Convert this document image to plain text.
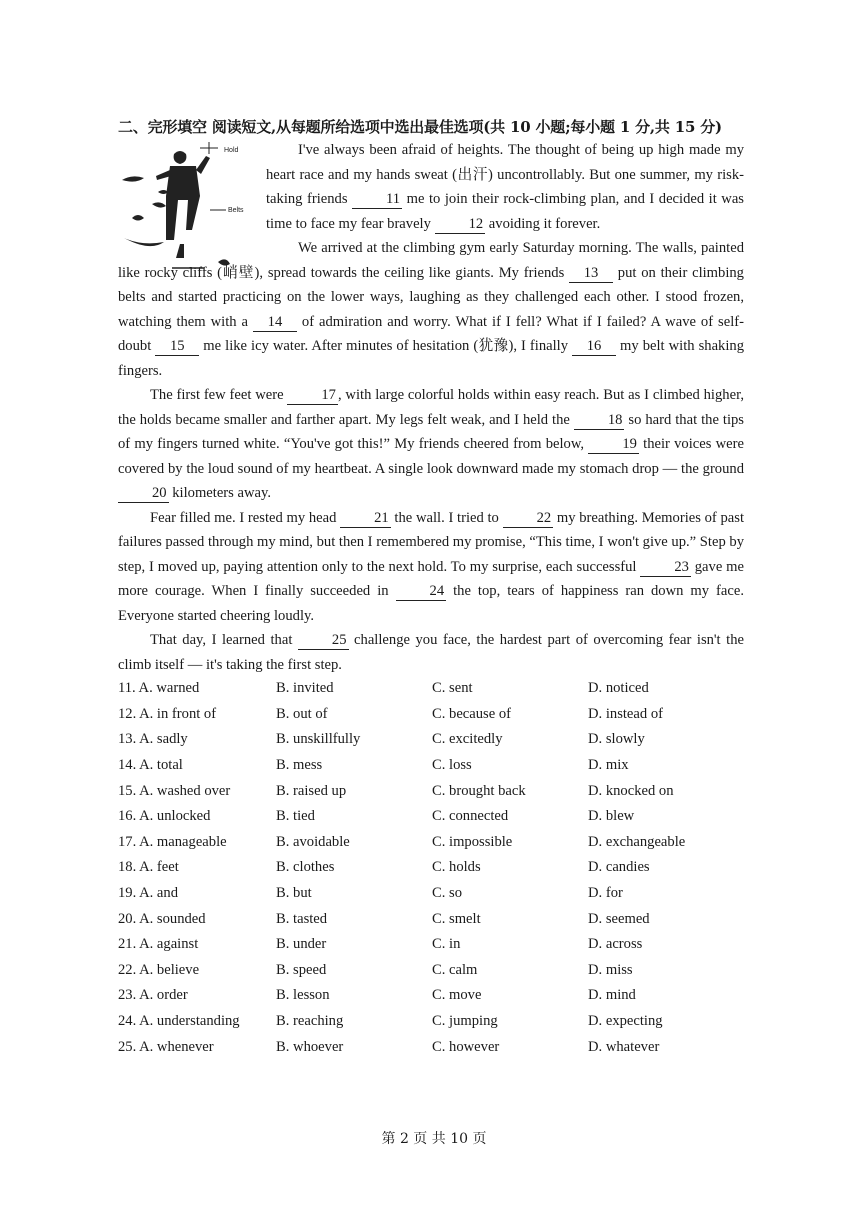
二、完形填空 阅读短文,从每题所给选项中选出最佳选项(共 10 小题;每小题 1 分,共 15 分)
Hold
Belts

I've always been afraid of heights. The thought of being up high made my heart race and my hands sweat (出汗) uncontrollably. But one summer, my risk-taking friends 11 me to join their rock-climbing plan, and I decided it was time to face my fear bravely 12 avoiding it forever.

We arrived at the climbing gym early Saturday morning. The walls, painted like rocky cliffs (峭壁), spread towards the ceiling like giants. My friends 13 put on their climbing belts and started practicing on the lower ways, laughing as they challenged each other. I stood frozen, watching them with a 14 of admiration and worry. What if I fell? What if I failed? A wave of self-doubt 15 me like icy water. After minutes of hesitation (犹豫), I finally 16 my belt with shaking fingers.

The first few feet were 17 , with large colorful holds within easy reach. But as I climbed higher, the holds became smaller and farther apart. My legs felt weak, and I held the 18 so hard that the tips of my fingers turned white. “You've got this!” My friends cheered from below, 19 their voices were covered by the loud sound of my heartbeat. A single look downward made my stomach drop — the ground 20 kilometers away.

Fear filled me. I rested my head 21 the wall. I tried to 22 my breathing. Memories of past failures passed through my mind, but then I remembered my promise, “This time, I won't give up.” Step by step, I moved up, paying attention only to the next hold. To my surprise, each successful 23 gave me more courage. When I finally succeeded in 24 the top, tears of happiness ran down my face. Everyone started cheering loudly.

That day, I learned that 25 challenge you face, the hardest part of overcoming fear isn't the climb itself — it's taking the first step.

11. A. warned	B. invited	C. sent	D. noticed
12. A. in front of	B. out of	C. because of	D. instead of
13. A. sadly	B. unskillfully	C. excitedly	D. slowly
14. A. total	B. mess	C. loss	D. mix
15. A. washed over	B. raised up	C. brought back	D. knocked on
16. A. unlocked	B. tied	C. connected	D. blew
17. A. manageable	B. avoidable	C. impossible	D. exchangeable
18. A. feet	B. clothes	C. holds	D. candies
19. A. and	B. but	C. so	D. for
20. A. sounded	B. tasted	C. smelt	D. seemed
21. A. against	B. under	C. in	D. across
22. A. believe	B. speed	C. calm	D. miss
23. A. order	B. lesson	C. move	D. mind
24. A. understanding	B. reaching	C. jumping	D. expecting
25. A. whenever	B. whoever	C. however	D. whatever
第 2 页 共 10 页
